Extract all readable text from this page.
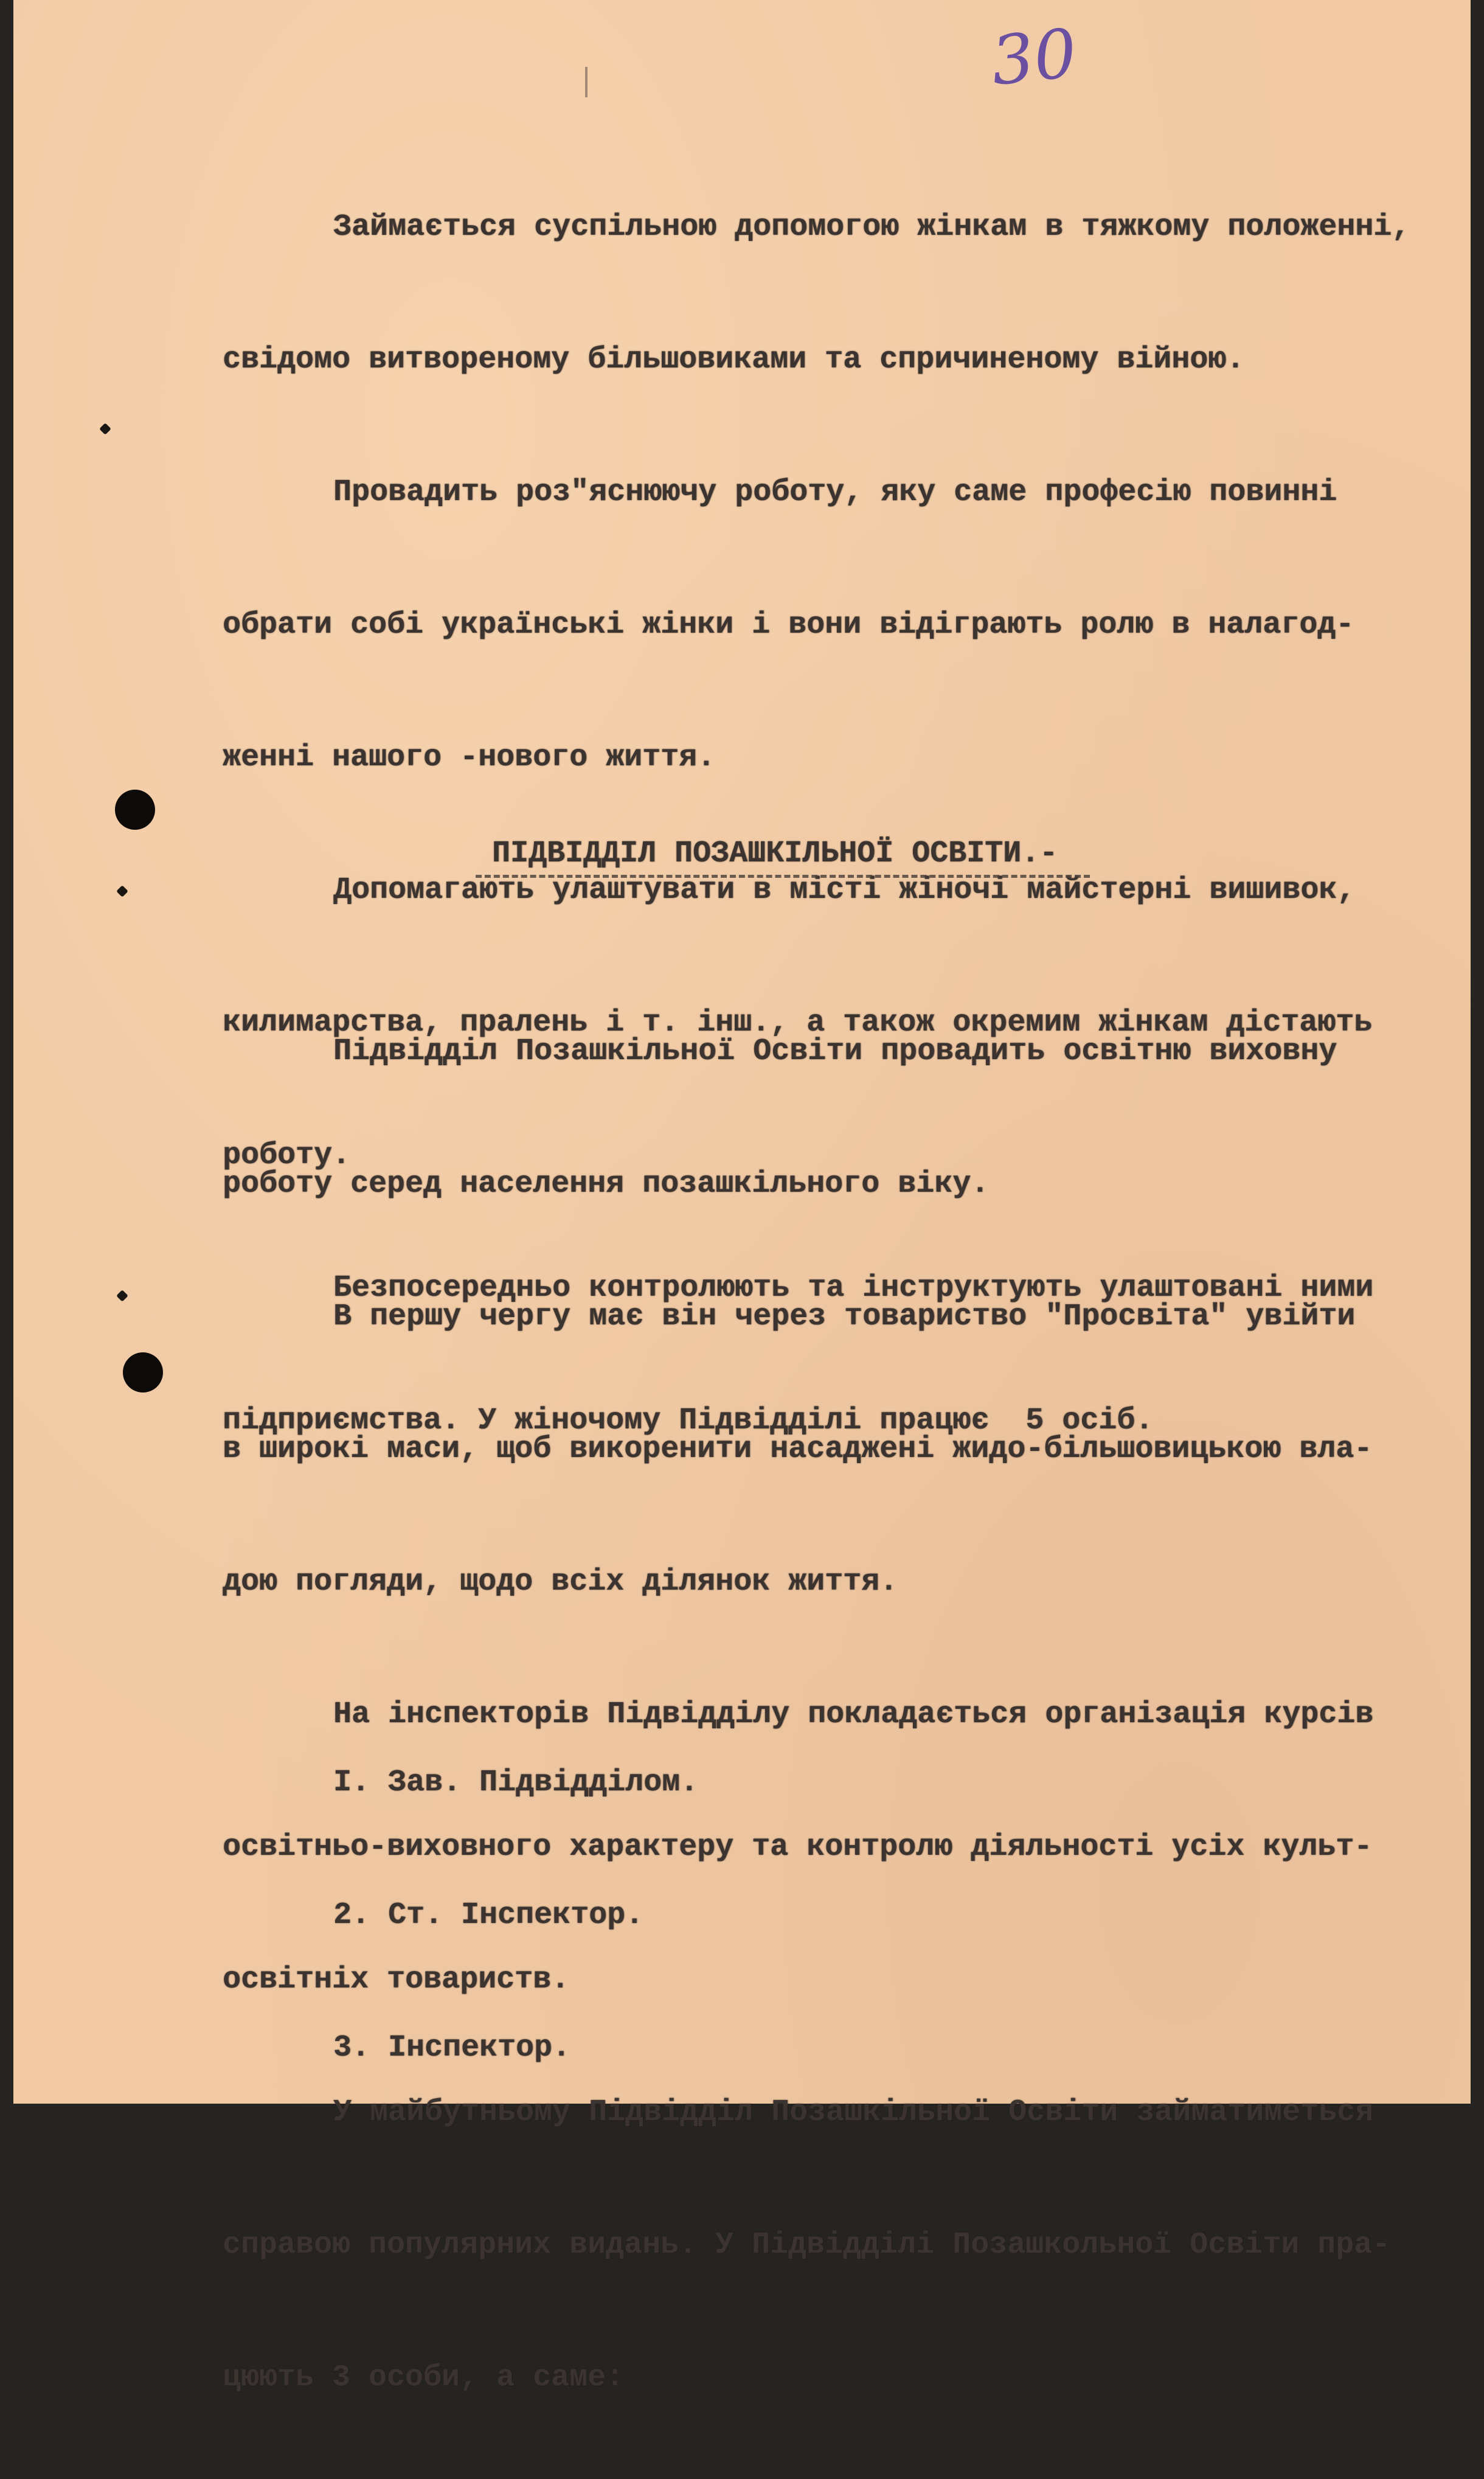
30

Займається суспільною допомогою жінкам в тяжкому положенні,

свідомо витвореному більшовиками та спричиненому війною.

Провадить роз"яснюючу роботу, яку саме професію повинні

обрати собі українські жінки і вони відіграють ролю в налагод-

женні нашого -нового життя.

Допомагають улаштувати в місті жіночі майстерні вишивок,

килимарства, пралень і т. інш., а також окремим жінкам дістають

роботу.

Безпосередньо контролюють та інструктують улаштовані ними

підприємства. У жіночому Підвідділі працює  5 осіб.

ПІДВІДДІЛ ПОЗАШКІЛЬНОЇ ОСВІТИ.-

Підвідділ Позашкільної Освіти провадить освітню виховну

роботу серед населення позашкільного віку.

В першу чергу має він через товариство "Просвіта" увійти

в широкі маси, щоб викоренити насаджені жидо-більшовицькою вла-

дою погляди, щодо всіх ділянок життя.

На інспекторів Підвідділу покладається організація курсів

освітньо-виховного характеру та контролю діяльності усіх культ-

освітніх товариств.

У майбутньому Підвідділ Позашкільної Освіти займатиметься

справою популярних видань. У Підвідділі Позашкольної Освіти пра-

цюють 3 особи, а саме:

I. Зав. Підвідділом.

2. Ст. Інспектор.

3. Інспектор.
